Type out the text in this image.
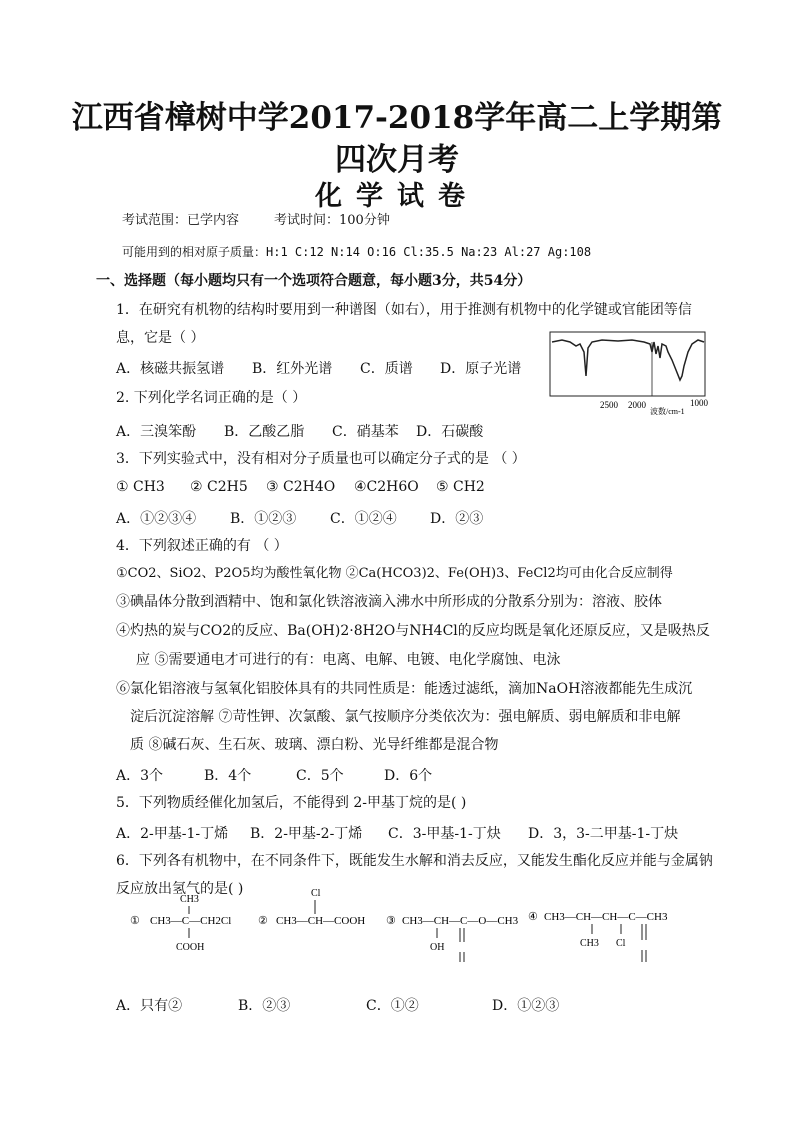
江西省樟树中学2017-2018学年高二上学期第
四次月考
化学试卷
考试范围：已学内容	考试时间：100分钟
可能用到的相对原子质量：H:1 C:12 N:14 O:16 Cl:35.5 Na:23 Al:27 Ag:108
一、选择题（每小题均只有一个选项符合题意，每小题3分，共54分）
1．在研究有机物的结构时要用到一种谱图（如右），用于推测有机物中的化学键或官能团等信
息，它是（ ）
A．核磁共振氢谱 B．红外光谱 C．质谱 D．原子光谱
2500 2000	1000
波数/cm-1
2. 下列化学名词正确的是（ ）
A．三溴笨酚 B．乙酸乙脂 C．硝基苯 D．石碳酸
3．下列实验式中，没有相对分子质量也可以确定分子式的是 （ ）
① CH3 ② C2H5 ③ C2H4O ④C2H6O ⑤ CH2
A．①②③④ B．①②③ C．①②④ D．②③
4．下列叙述正确的有 （ ）
①CO2、SiO2、P2O5均为酸性氧化物 ②Ca(HCO3)2、Fe(OH)3、FeCl2均可由化合反应制得
③碘晶体分散到酒精中、饱和氯化铁溶液滴入沸水中所形成的分散系分别为：溶液、胶体
④灼热的炭与CO2的反应、Ba(OH)2·8H2O与NH4Cl的反应均既是氧化还原反应，又是吸热反
应 ⑤需要通电才可进行的有：电离、电解、电镀、电化学腐蚀、电泳
⑥氯化铝溶液与氢氧化铝胶体具有的共同性质是：能透过滤纸，滴加NaOH溶液都能先生成沉
淀后沉淀溶解 ⑦苛性钾、次氯酸、氯气按顺序分类依次为：强电解质、弱电解质和非电解
质 ⑧碱石灰、生石灰、玻璃、漂白粉、光导纤维都是混合物
A．3个	B．4个	C．5个	D．6个
5．下列物质经催化加氢后，不能得到 2-甲基丁烷的是( )
A．2-甲基-1-丁烯 B．2-甲基-2-丁烯 C．3-甲基-1-丁炔 D．3，3-二甲基-1-丁炔
6．下列各有机物中，在不同条件下，既能发生水解和消去反应，又能发生酯化反应并能与金属钠
反应放出氢气的是( )
① CH3—C—CH2Cl
CH3
COOH
② CH3—CH—COOH
Cl
③ CH3—CH—C—O—CH3
OH
④ CH3—CH—CH—C—CH3
CH3 Cl
A．只有②	B．②③	C．①②	D．①②③
